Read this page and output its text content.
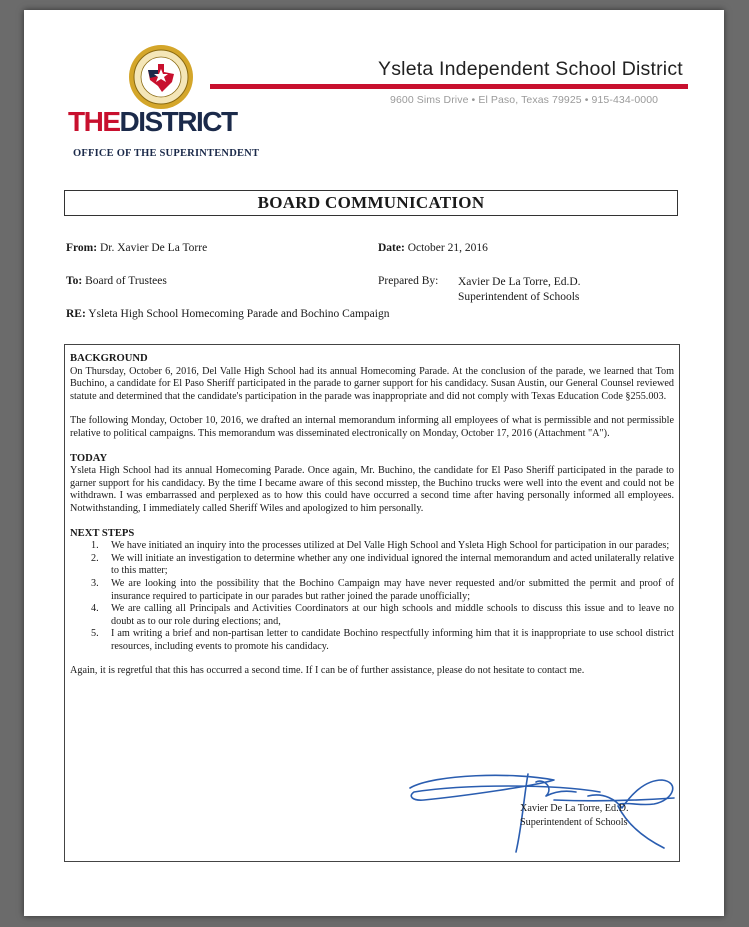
THEDISTRICT
OFFICE OF THE SUPERINTENDENT
Ysleta Independent School District
9600 Sims Drive • El Paso, Texas 79925 • 915-434-0000
BOARD COMMUNICATION
From: Dr. Xavier De La Torre	Date: October 21, 2016
To: Board of Trustees	Prepared By: Xavier De La Torre, Ed.D.
Superintendent of Schools
RE: Ysleta High School Homecoming Parade and Bochino Campaign
BACKGROUND

On Thursday, October 6, 2016, Del Valle High School had its annual Homecoming Parade. At the conclusion of the parade, we learned that Tom Buchino, a candidate for El Paso Sheriff participated in the parade to garner support for his candidacy. Susan Austin, our General Counsel reviewed statute and determined that the candidate's participation in the parade was inappropriate and did not comply with Texas Education Code §255.003.

The following Monday, October 10, 2016, we drafted an internal memorandum informing all employees of what is permissible and not permissible relative to political campaigns. This memorandum was disseminated electronically on Monday, October 17, 2016 (Attachment "A").

TODAY

Ysleta High School had its annual Homecoming Parade. Once again, Mr. Buchino, the candidate for El Paso Sheriff participated in the parade to garner support for his candidacy. By the time I became aware of this second misstep, the Buchino trucks were well into the event and could not be withdrawn. I was embarrassed and perplexed as to how this could have occurred a second time after having personally informed all employees. Notwithstanding, I immediately called Sheriff Wiles and apologized to him personally.

NEXT STEPS
1. We have initiated an inquiry into the processes utilized at Del Valle High School and Ysleta High School for participation in our parades;
2. We will initiate an investigation to determine whether any one individual ignored the internal memorandum and acted unilaterally relative to this matter;
3. We are looking into the possibility that the Bochino Campaign may have never requested and/or submitted the permit and proof of insurance required to participate in our parades but rather joined the parade unofficially;
4. We are calling all Principals and Activities Coordinators at our high schools and middle schools to discuss this issue and to leave no doubt as to our role during elections; and,
5. I am writing a brief and non-partisan letter to candidate Bochino respectfully informing him that it is inappropriate to use school district resources, including events to promote his candidacy.

Again, it is regretful that this has occurred a second time. If I can be of further assistance, please do not hesitate to contact me.

Xavier De La Torre, Ed.D.
Superintendent of Schools
